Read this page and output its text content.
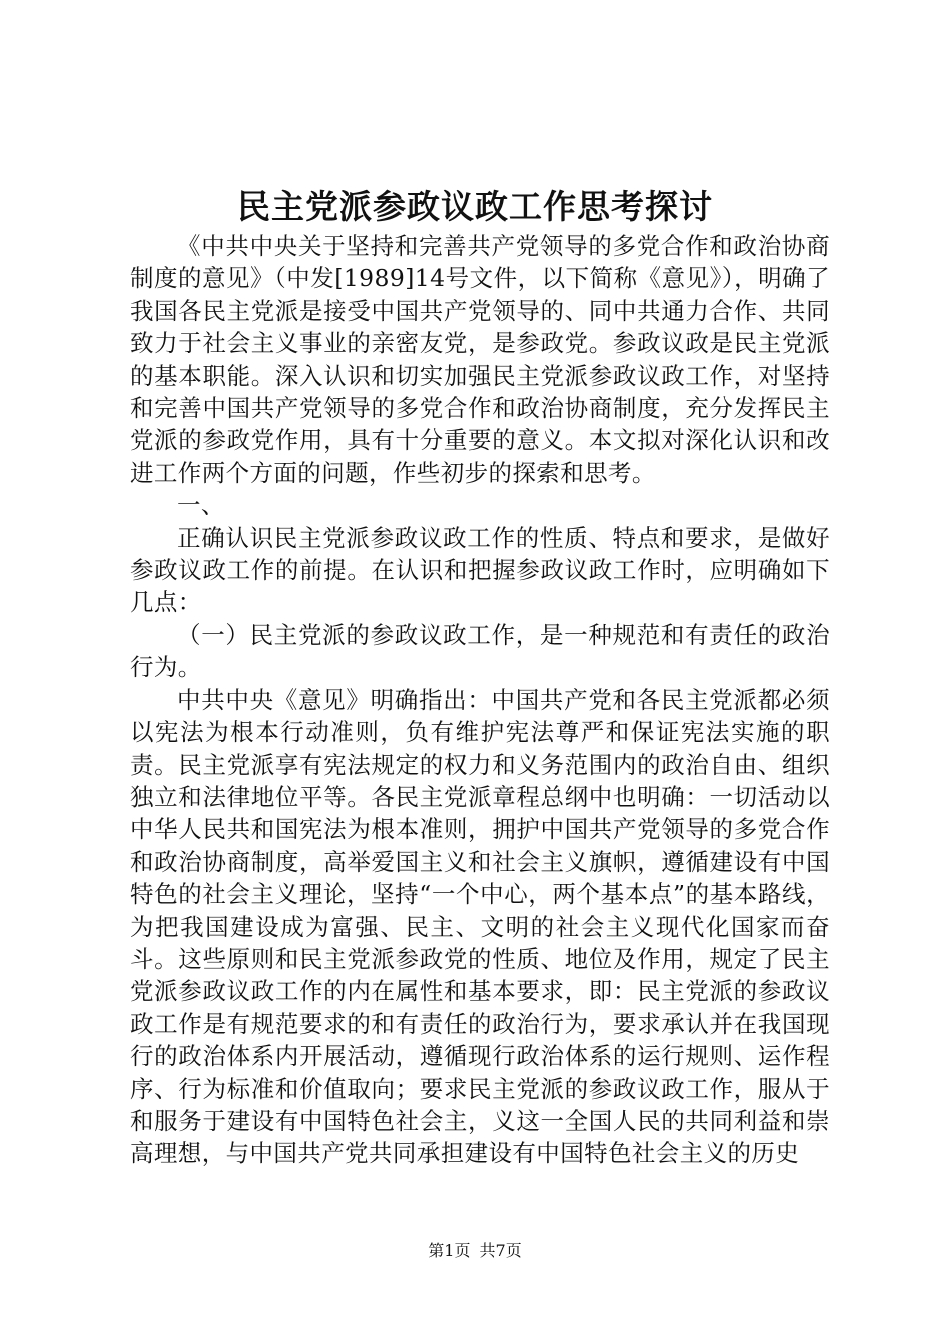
民主党派参政议政工作思考探讨

《中共中央关于坚持和完善共产党领导的多党合作和政治协商制度的意见》（中发[1989]14号文件，以下简称《意见》），明确了我国各民主党派是接受中国共产党领导的、同中共通力合作、共同致力于社会主义事业的亲密友党，是参政党。参政议政是民主党派的基本职能。深入认识和切实加强民主党派参政议政工作，对坚持和完善中国共产党领导的多党合作和政治协商制度，充分发挥民主党派的参政党作用，具有十分重要的意义。本文拟对深化认识和改进工作两个方面的问题，作些初步的探索和思考。

一、

正确认识民主党派参政议政工作的性质、特点和要求，是做好参政议政工作的前提。在认识和把握参政议政工作时，应明确如下几点：

（一）民主党派的参政议政工作，是一种规范和有责任的政治行为。

中共中央《意见》明确指出：中国共产党和各民主党派都必须以宪法为根本行动准则，负有维护宪法尊严和保证宪法实施的职责。民主党派享有宪法规定的权力和义务范围内的政治自由、组织独立和法律地位平等。各民主党派章程总纲中也明确：一切活动以中华人民共和国宪法为根本准则，拥护中国共产党领导的多党合作和政治协商制度，高举爱国主义和社会主义旗帜，遵循建设有中国特色的社会主义理论，坚持“一个中心，两个基本点”的基本路线，为把我国建设成为富强、民主、文明的社会主义现代化国家而奋斗。这些原则和民主党派参政党的性质、地位及作用，规定了民主党派参政议政工作的内在属性和基本要求，即：民主党派的参政议政工作是有规范要求的和有责任的政治行为，要求承认并在我国现行的政治体系内开展活动，遵循现行政治体系的运行规则、运作程序、行为标准和价值取向；要求民主党派的参政议政工作，服从于和服务于建设有中国特色社会主，义这一全国人民的共同利益和崇高理想，与中国共产党共同承担建设有中国特色社会主义的历史

第1页 共7页
